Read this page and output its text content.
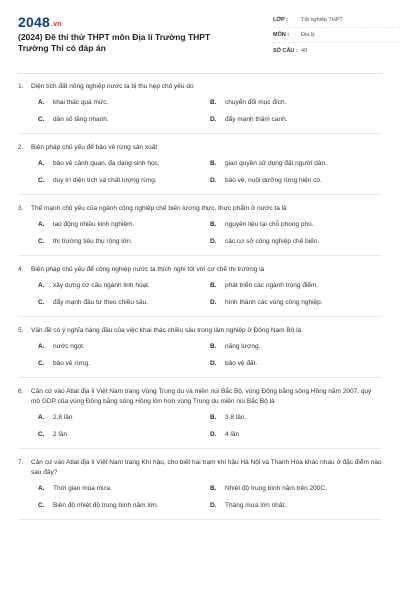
2048.vn
(2024) Đề thi thử THPT môn Địa lí Trường THPT Trường Thi có đáp án
LỚP :	Tốt nghiệp THPT
MÔN :	Địa lý
SỐ CÂU : 40
1.	Diện tích đất nông nghiệp nước ta bị thu hẹp chủ yếu do
A.	khai thác quá mức.	B.	chuyển đổi mục đích.
C.	dân số tăng nhanh.	D.	đẩy mạnh thâm canh.
2.	Biện pháp chủ yếu để bảo vệ rừng sản xuất
A.	bảo vệ cảnh quan, đa dạng sinh học.	B.	giao quyền sử dụng đất người dân.
C.	duy trì diện tích và chất lượng rừng.	D.	bảo vệ, nuôi dưỡng rừng hiện có.
3.	Thế mạnh chủ yếu của ngành công nghiệp chế biến lương thực, thực phẩm ở nước ta là
A.	lao động nhiều kinh nghiệm.	B.	nguyên liệu tại chỗ phong phú.
C.	thị trường tiêu thụ rộng lớn.	D.	các cơ sở công nghiệp chế biến.
4.	Biện pháp chủ yếu để công nghiệp nước ta thích nghi tốt với cơ chế thị trường là
A.	xây dựng cơ cấu ngành linh hoạt.	B.	phát triển các ngành trọng điểm.
C.	đẩy mạnh đầu tư theo chiều sâu.	D.	hình thành các vùng công nghiệp.
5.	Vấn đề có ý nghĩa hàng đầu của việc khai thác chiều sâu trong lâm nghiệp ở Đông Nam Bộ là
A.	nước ngọt.	B.	năng lượng.
C.	bảo vệ rừng.	D.	bảo vệ đất.
6.	Căn cứ vào Atlat địa lí Việt Nam trang Vùng Trung du và miền núi Bắc Bộ, vùng Đồng bằng sông Hồng năm 2007, quy mô GDP của vùng Đồng bằng sông Hồng lớn hơn vùng Trung du miền núi Bắc Bộ là
A.	2,8 lần	B.	3,8 lần.
C.	2 lần	D.	4 lần
7.	Căn cứ vào Atlat địa lí Việt Nam trang Khí hậu, cho biết hai trạm khí hậu Hà Nội và Thanh Hóa khác nhau ở đặc điểm nào sau đây?
A.	Thời gian mùa mưa.	B.	Nhiệt độ trung bình năm trên 200C.
C.	Biên độ nhiệt độ trung bình năm lớn.	D.	Tháng mưa lớn nhất.
